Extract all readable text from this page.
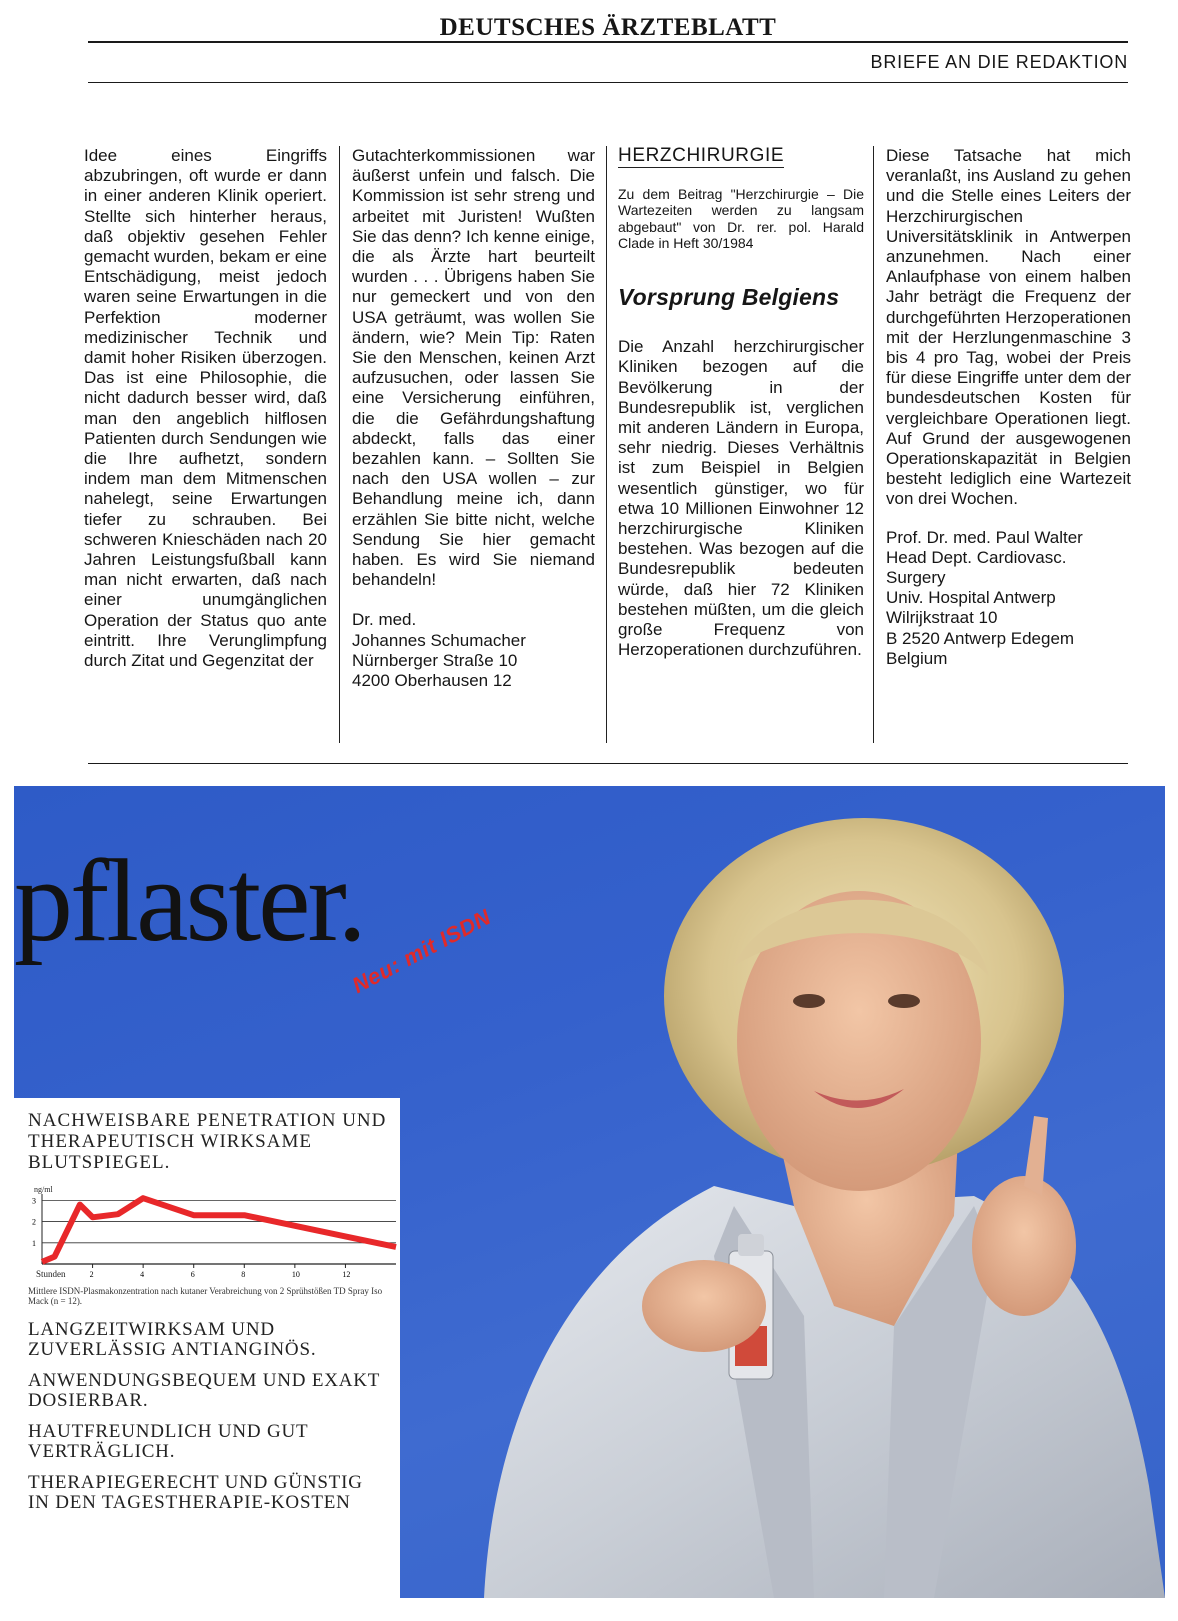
DEUTSCHES ÄRZTEBLATT
BRIEFE AN DIE REDAKTION

Idee eines Eingriffs abzubringen, oft wurde er dann in einer anderen Klinik operiert. Stellte sich hinterher heraus, daß objektiv gesehen Fehler gemacht wurden, bekam er eine Entschädigung, meist jedoch waren seine Erwartungen in die Perfektion moderner medizinischer Technik und damit hoher Risiken überzogen. Das ist eine Philosophie, die nicht dadurch besser wird, daß man den angeblich hilflosen Patienten durch Sendungen wie die Ihre aufhetzt, sondern indem man dem Mitmenschen nahelegt, seine Erwartungen tiefer zu schrauben. Bei schweren Knieschäden nach 20 Jahren Leistungsfußball kann man nicht erwarten, daß nach einer unumgänglichen Operation der Status quo ante eintritt. Ihre Verunglimpfung durch Zitat und Gegenzitat der

Gutachterkommissionen war äußerst unfein und falsch. Die Kommission ist sehr streng und arbeitet mit Juristen! Wußten Sie das denn? Ich kenne einige, die als Ärzte hart beurteilt wurden . . . Übrigens haben Sie nur gemeckert und von den USA geträumt, was wollen Sie ändern, wie? Mein Tip: Raten Sie den Menschen, keinen Arzt aufzusuchen, oder lassen Sie eine Versicherung einführen, die die Gefährdungshaftung abdeckt, falls das einer bezahlen kann. – Sollten Sie nach den USA wollen – zur Behandlung meine ich, dann erzählen Sie bitte nicht, welche Sendung Sie hier gemacht haben. Es wird Sie niemand behandeln!

Dr. med.
Johannes Schumacher
Nürnberger Straße 10
4200 Oberhausen 12

HERZCHIRURGIE

Zu dem Beitrag "Herzchirurgie – Die Wartezeiten werden zu langsam abgebaut" von Dr. rer. pol. Harald Clade in Heft 30/1984

Vorsprung Belgiens

Die Anzahl herzchirurgischer Kliniken bezogen auf die Bevölkerung in der Bundesrepublik ist, verglichen mit anderen Ländern in Europa, sehr niedrig. Dieses Verhältnis ist zum Beispiel in Belgien wesentlich günstiger, wo für etwa 10 Millionen Einwohner 12 herzchirurgische Kliniken bestehen. Was bezogen auf die Bundesrepublik bedeuten würde, daß hier 72 Kliniken bestehen müßten, um die gleich große Frequenz von Herzoperationen durchzuführen.

Diese Tatsache hat mich veranlaßt, ins Ausland zu gehen und die Stelle eines Leiters der Herzchirurgischen Universitätsklinik in Antwerpen anzunehmen. Nach einer Anlaufphase von einem halben Jahr beträgt die Frequenz der durchgeführten Herzoperationen mit der Herzlungenmaschine 3 bis 4 pro Tag, wobei der Preis für diese Eingriffe unter dem der bundesdeutschen Kosten für vergleichbare Operationen liegt. Auf Grund der ausgewogenen Operationskapazität in Belgien besteht lediglich eine Wartezeit von drei Wochen.

Prof. Dr. med. Paul Walter
Head Dept. Cardiovasc.
Surgery
Univ. Hospital Antwerp
Wilrijkstraat 10
B 2520 Antwerp Edegem
Belgium

pflaster.
Neu: mit ISDN
NACHWEISBARE PENETRATION UND THERAPEUTISCH WIRKSAME BLUTSPIEGEL.
ng/ml
1
2
3
2	4	6	8	10	12
Stunden
Mittlere ISDN-Plasmakonzentration nach kutaner Verabreichung von 2 Sprühstößen TD Spray Iso Mack (n = 12).
LANGZEITWIRKSAM UND ZUVERLÄSSIG ANTIANGINÖS.
ANWENDUNGSBEQUEM UND EXAKT DOSIERBAR.
HAUTFREUNDLICH UND GUT VERTRÄGLICH.
THERAPIEGERECHT UND GÜNSTIG IN DEN TAGESTHERAPIE-KOSTEN
